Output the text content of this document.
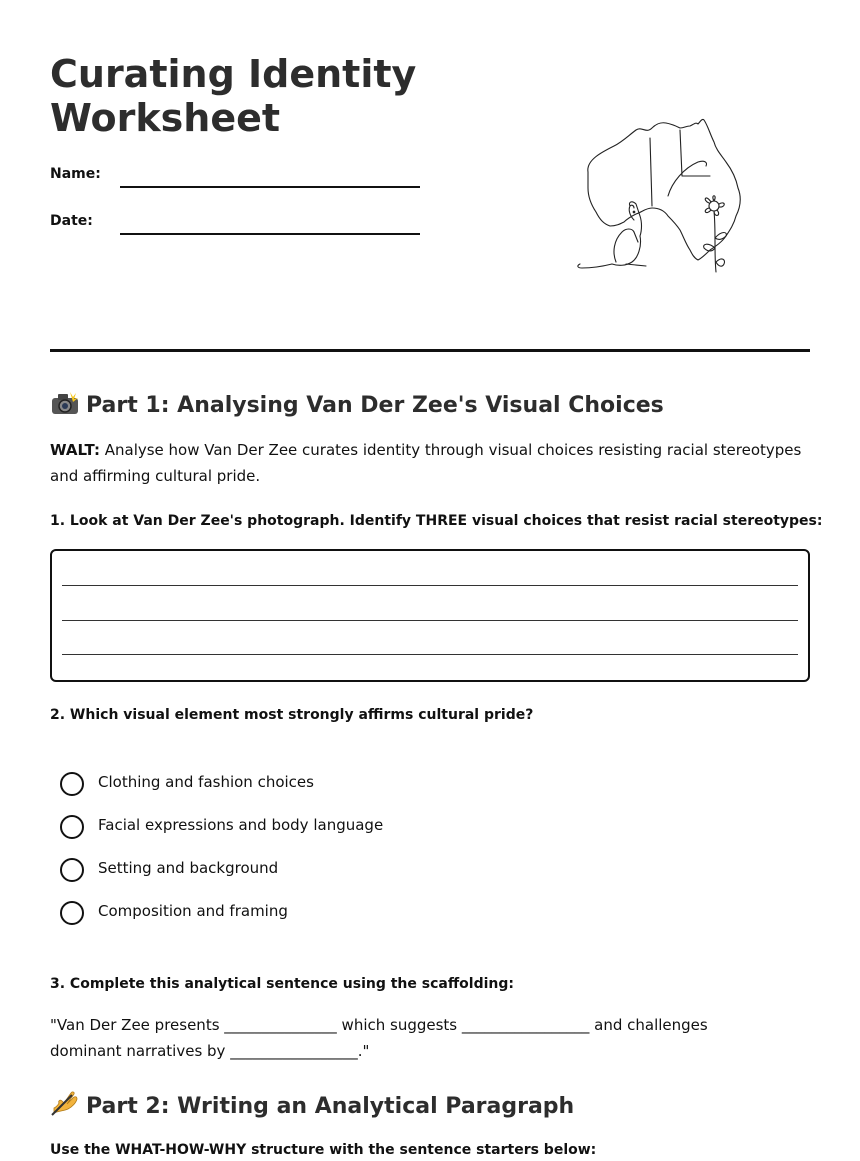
Curating Identity
Worksheet
Name:
Date:
Part 1: Analysing Van Der Zee's Visual Choices

WALT: Analyse how Van Der Zee curates identity through visual choices resisting racial stereotypes and affirming cultural pride.

1. Look at Van Der Zee's photograph. Identify THREE visual choices that resist racial stereotypes:
2. Which visual element most strongly affirms cultural pride?
Clothing and fashion choices
Facial expressions and body language
Setting and background
Composition and framing
3. Complete this analytical sentence using the scaffolding:

"Van Der Zee presents _______________ which suggests _________________ and challenges dominant narratives by _________________."

Part 2: Writing an Analytical Paragraph
Use the WHAT-HOW-WHY structure with the sentence starters below:
